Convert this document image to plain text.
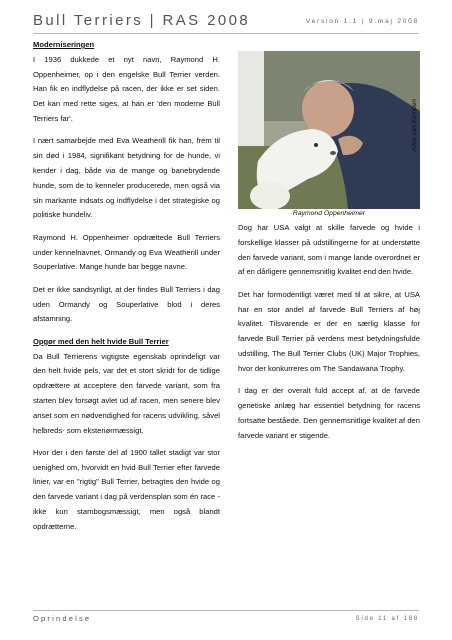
Bull Terriers | RAS 2008	Version 1.1 | 9.maj 2008

Moderniseringen

I 1936 dukkede et nyt navn, Raymond H. Oppenheimer, op i den engelske Bull Terrier verden. Han fik en indflydelse på racen, der ikke er set siden. Det kan med rette siges, at han er 'den moderne Bull Terriers far'.

I nært samarbejde med Eva Weatherill fik han, frem til sin død i 1984, signifikant betydning for de hunde, vi kender i dag, både via de mange og banebrydende hunde, som de to kenneler producerede, men også via sin markante indsats og indflydelse i det strategiske og politiske hundeliv.

Raymond H. Oppenheimer opdrættede Bull Terriers under kennelnavnet, Ormandy og Eva Weatherill under Souperlative. Mange hunde bar begge navne.

Det er ikke sandsynligt, at der findes Bull Terriers i dag uden Ormandy og Souperlative blod i deres afstamning.

Opgør med den helt hvide Bull Terrier

Da Bull Terrierens vigtigste egenskab oprindeligt var den helt hvide pels, var det et stort skridt for de tidlige opdrættere at acceptere den farvede variant, som fra starten blev forsøgt avlet ud af racen, men senere blev anset som en nødvendighed for racens udvikling, såvel helbreds- som eksteriørmæssigt.

Hvor der i den første del af 1900 tallet stadigt var stor uenighed om, hvorvidt en hvid Bull Terrier efter farvede linier, var en "rigtig" Bull Terrier, betragtes den hvide og den farvede variant i dag på verdensplan som én race - ikke kun stambogsmæssigt, men også blandt opdrætterne.

Alice van Kempen
Raymond Oppenheimer

Dog har USA valgt at skille farvede og hvide i forskellige klasser på udstillingerne for at understøtte den farvede variant, som i mange lande overordnet er af en dårligere gennemsnitlig kvalitet end den hvide.

Det har formodentligt været med til at sikre, at USA har en stor andel af farvede Bull Terriers af høj kvalitet. Tilsvarende er der en særlig klasse for farvede Bull Terrier på verdens mest betydningsfulde udstilling, The Bull Terrier Clubs (UK) Major Trophies, hvor der konkurreres om The Sandawana Trophy.

I dag er der overalt fuld accept af, at de farvede genetiske anlæg har essentiel betydning for racens fortsatte beståede. Den gennemsnitlige kvalitet af den farvede variant er stigende.

Oprindelse	Side 11 af 188
